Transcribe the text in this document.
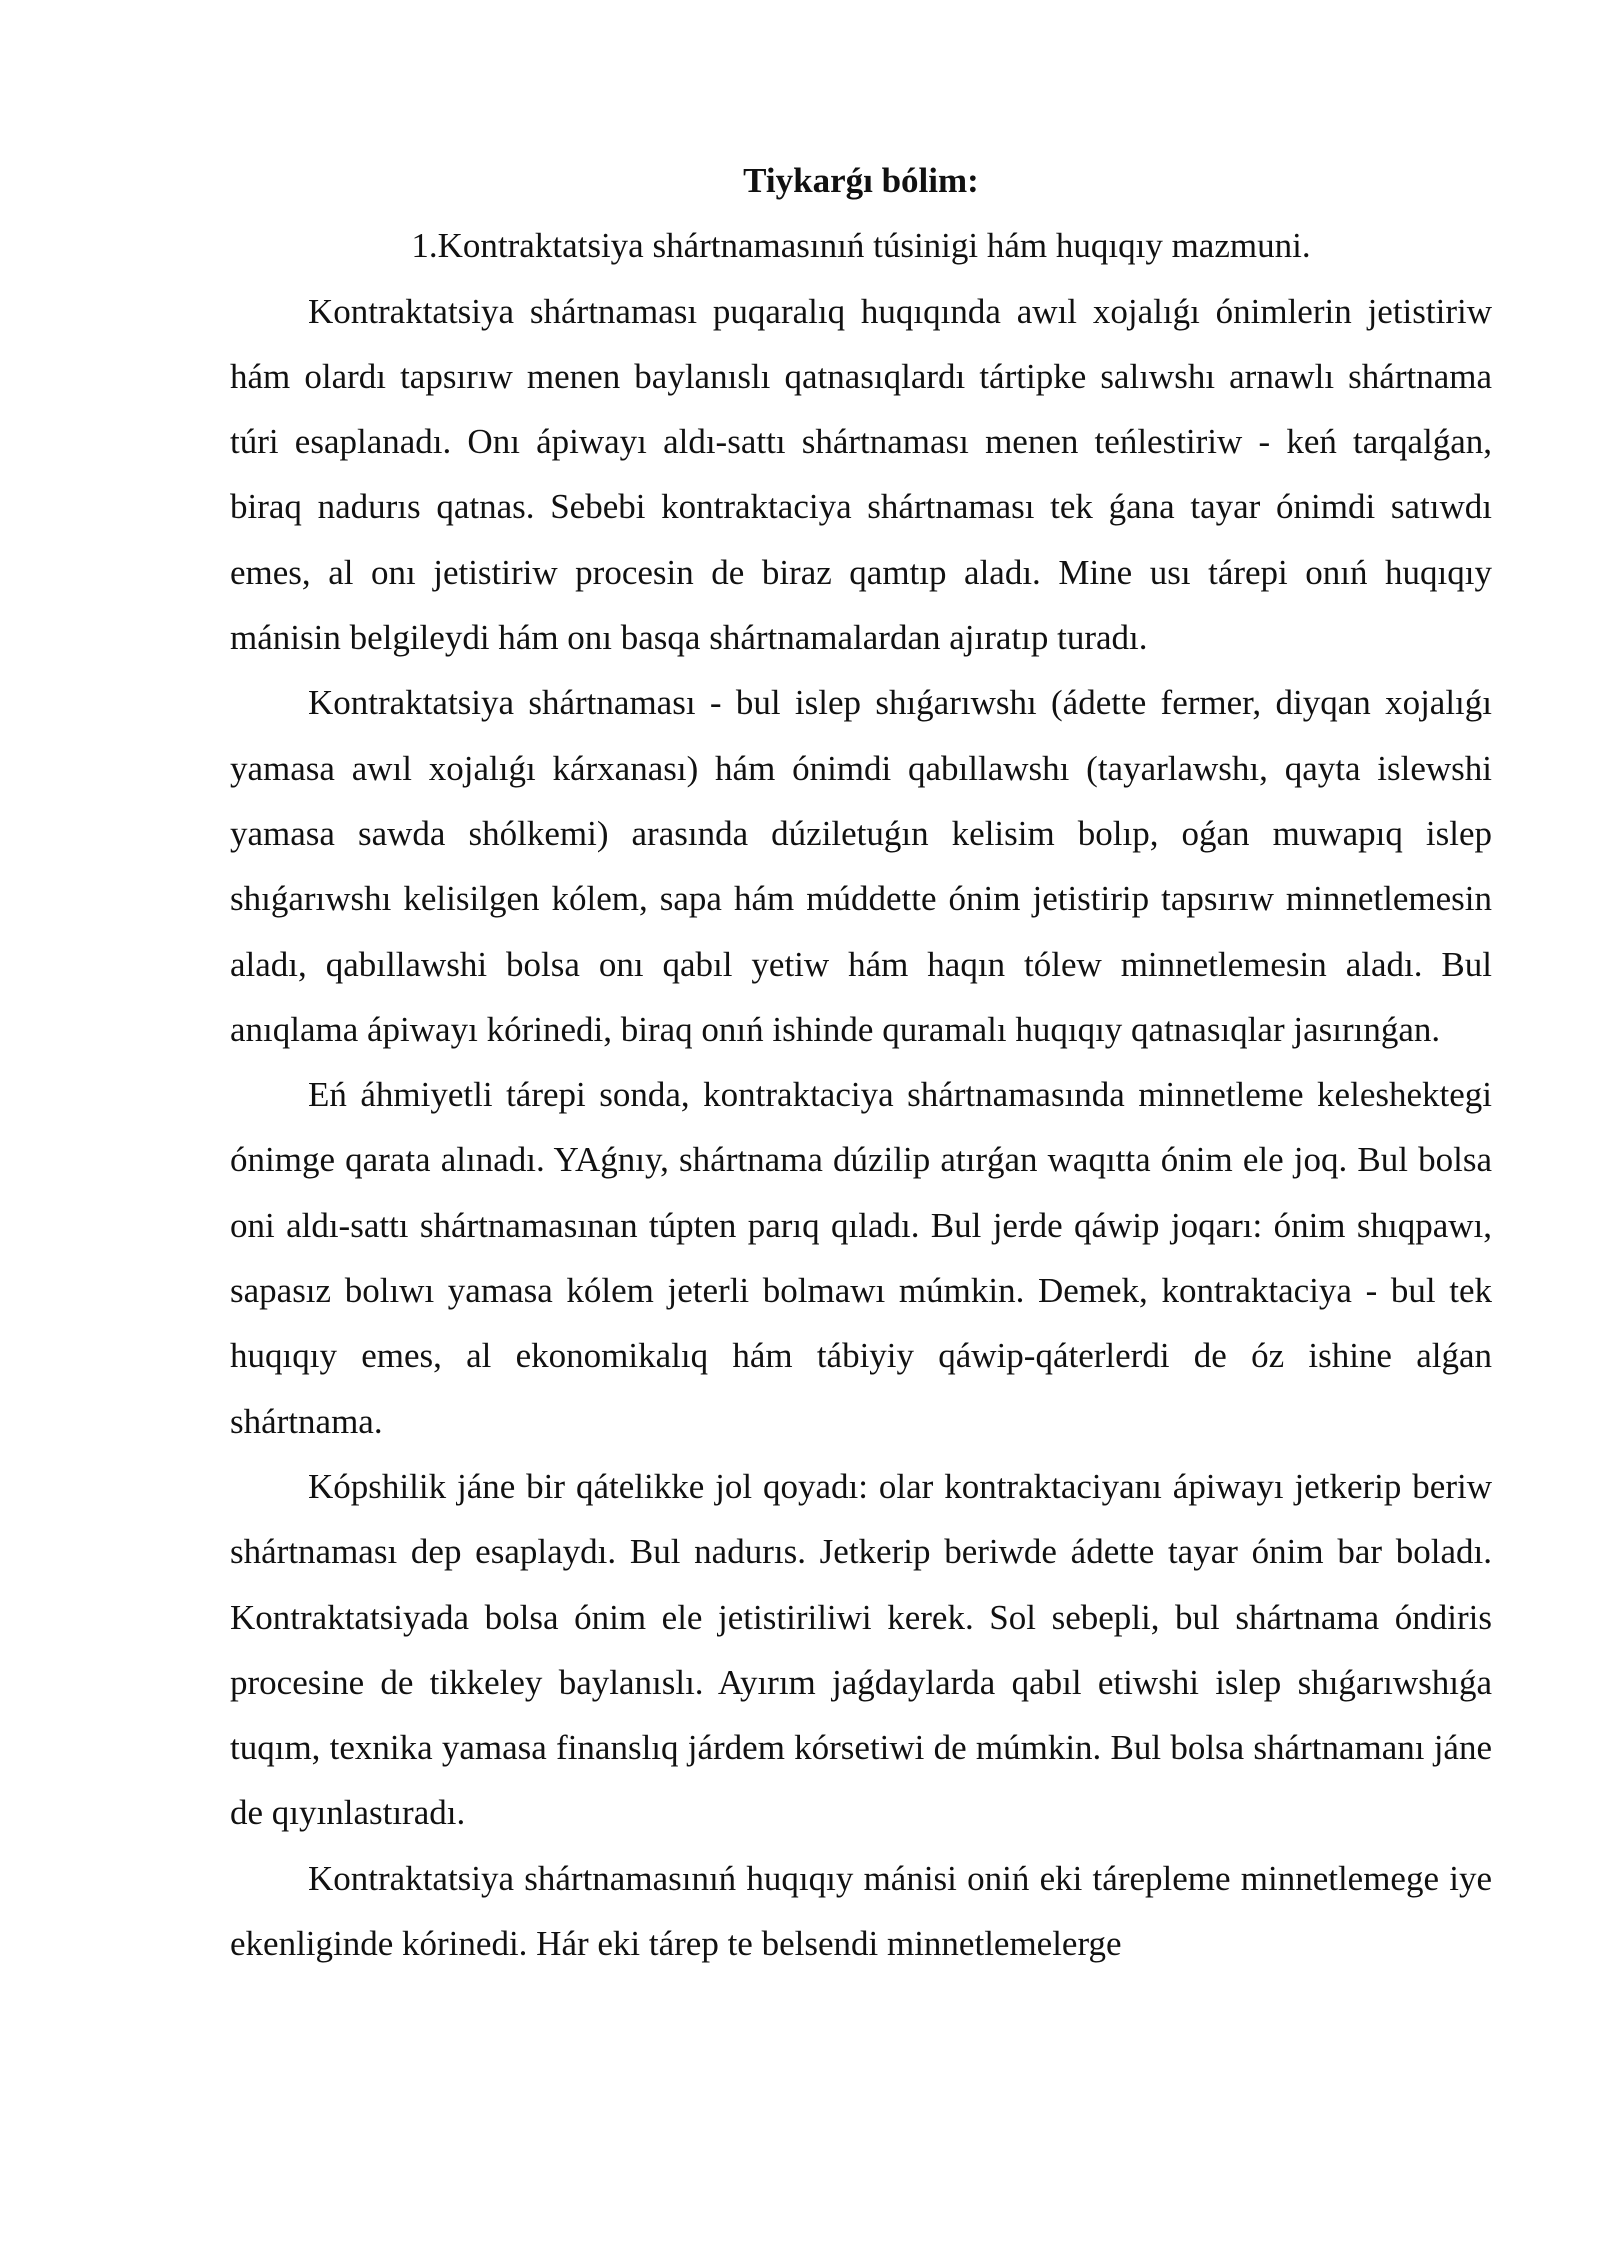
Tiykarǵı bólim:

1.Kontraktatsiya shártnamasınıń túsinigi hám huqıqıy mazmuni.

Kontraktatsiya shártnaması puqaralıq huqıqında awıl xojalıǵı ónimlerin jetistiriw hám olardı tapsırıw menen baylanıslı qatnasıqlardı tártipke salıwshı arnawlı shártnama túri esaplanadı. Onı ápiwayı aldı-sattı shártnaması menen teńlestiriw - keń tarqalǵan, biraq nadurıs qatnas. Sebebi kontraktaciya shártnaması tek ǵana tayar ónimdi satıwdı emes, al onı jetistiriw procesin de biraz qamtıp aladı. Mine usı tárepi onıń huqıqıy mánisin belgileydi hám onı basqa shártnamalardan ajıratıp turadı.

Kontraktatsiya shártnaması - bul islep shıǵarıwshı (ádette fermer, diyqan xojalıǵı yamasa awıl xojalıǵı kárxanası) hám ónimdi qabıllawshı (tayarlawshı, qayta islewshi yamasa sawda shólkemi) arasında dúziletuǵın kelisim bolıp, oǵan muwapıq islep shıǵarıwshı kelisilgen kólem, sapa hám múddette ónim jetistirip tapsırıw minnetlemesin aladı, qabıllawshi bolsa onı qabıl yetiw hám haqın tólew minnetlemesin aladı. Bul anıqlama ápiwayı kórinedi, biraq onıń ishinde quramalı huqıqıy qatnasıqlar jasırınǵan.

Eń áhmiyetli tárepi sonda, kontraktaciya shártnamasında minnetleme keleshektegi ónimge qarata alınadı. YAǵnıy, shártnama dúzilip atırǵan waqıtta ónim ele joq. Bul bolsa oni aldı-sattı shártnamasınan túpten parıq qıladı. Bul jerde qáwip joqarı: ónim shıqpawı, sapasız bolıwı yamasa kólem jeterli bolmawı múmkin. Demek, kontraktaciya - bul tek huqıqıy emes, al ekonomikalıq hám tábiyiy qáwip-qáterlerdi de óz ishine alǵan shártnama.

Kópshilik jáne bir qátelikke jol qoyadı: olar kontraktaciyanı ápiwayı jetkerip beriw shártnaması dep esaplaydı. Bul nadurıs. Jetkerip beriwde ádette tayar ónim bar boladı. Kontraktatsiyada bolsa ónim ele jetistiriliwi kerek. Sol sebepli, bul shártnama óndiris procesine de tikkeley baylanıslı. Ayırım jaǵdaylarda qabıl etiwshi islep shıǵarıwshıǵa tuqım, texnika yamasa finanslıq járdem kórsetiwi de múmkin. Bul bolsa shártnamanı jáne de qıyınlastıradı.

Kontraktatsiya shártnamasınıń huqıqıy mánisi oniń eki tárepleme minnetlemege iye ekenliginde kórinedi. Hár eki tárep te belsendi minnetlemelerge
